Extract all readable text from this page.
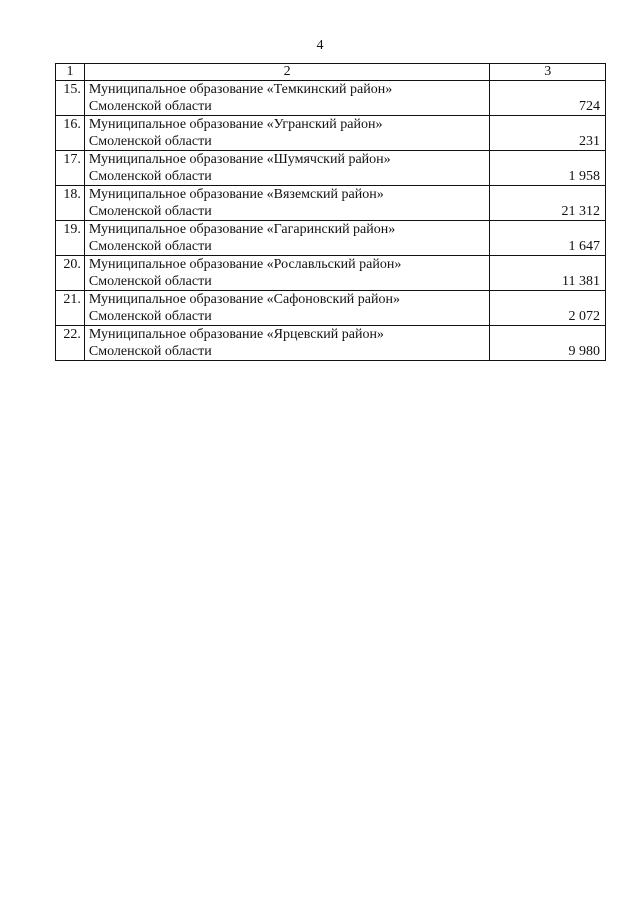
4
1	2	3
15.	Муниципальное образование «Темкинский район»
Смоленской области	724
16.	Муниципальное образование «Угранский район»
Смоленской области	231
17.	Муниципальное образование «Шумячский район»
Смоленской области	1 958
18.	Муниципальное образование «Вяземский район»
Смоленской области	21 312
19.	Муниципальное образование «Гагаринский район»
Смоленской области	1 647
20.	Муниципальное образование «Рославльский район»
Смоленской области	11 381
21.	Муниципальное образование «Сафоновский район»
Смоленской области	2 072
22.	Муниципальное образование «Ярцевский район»
Смоленской области	9 980
